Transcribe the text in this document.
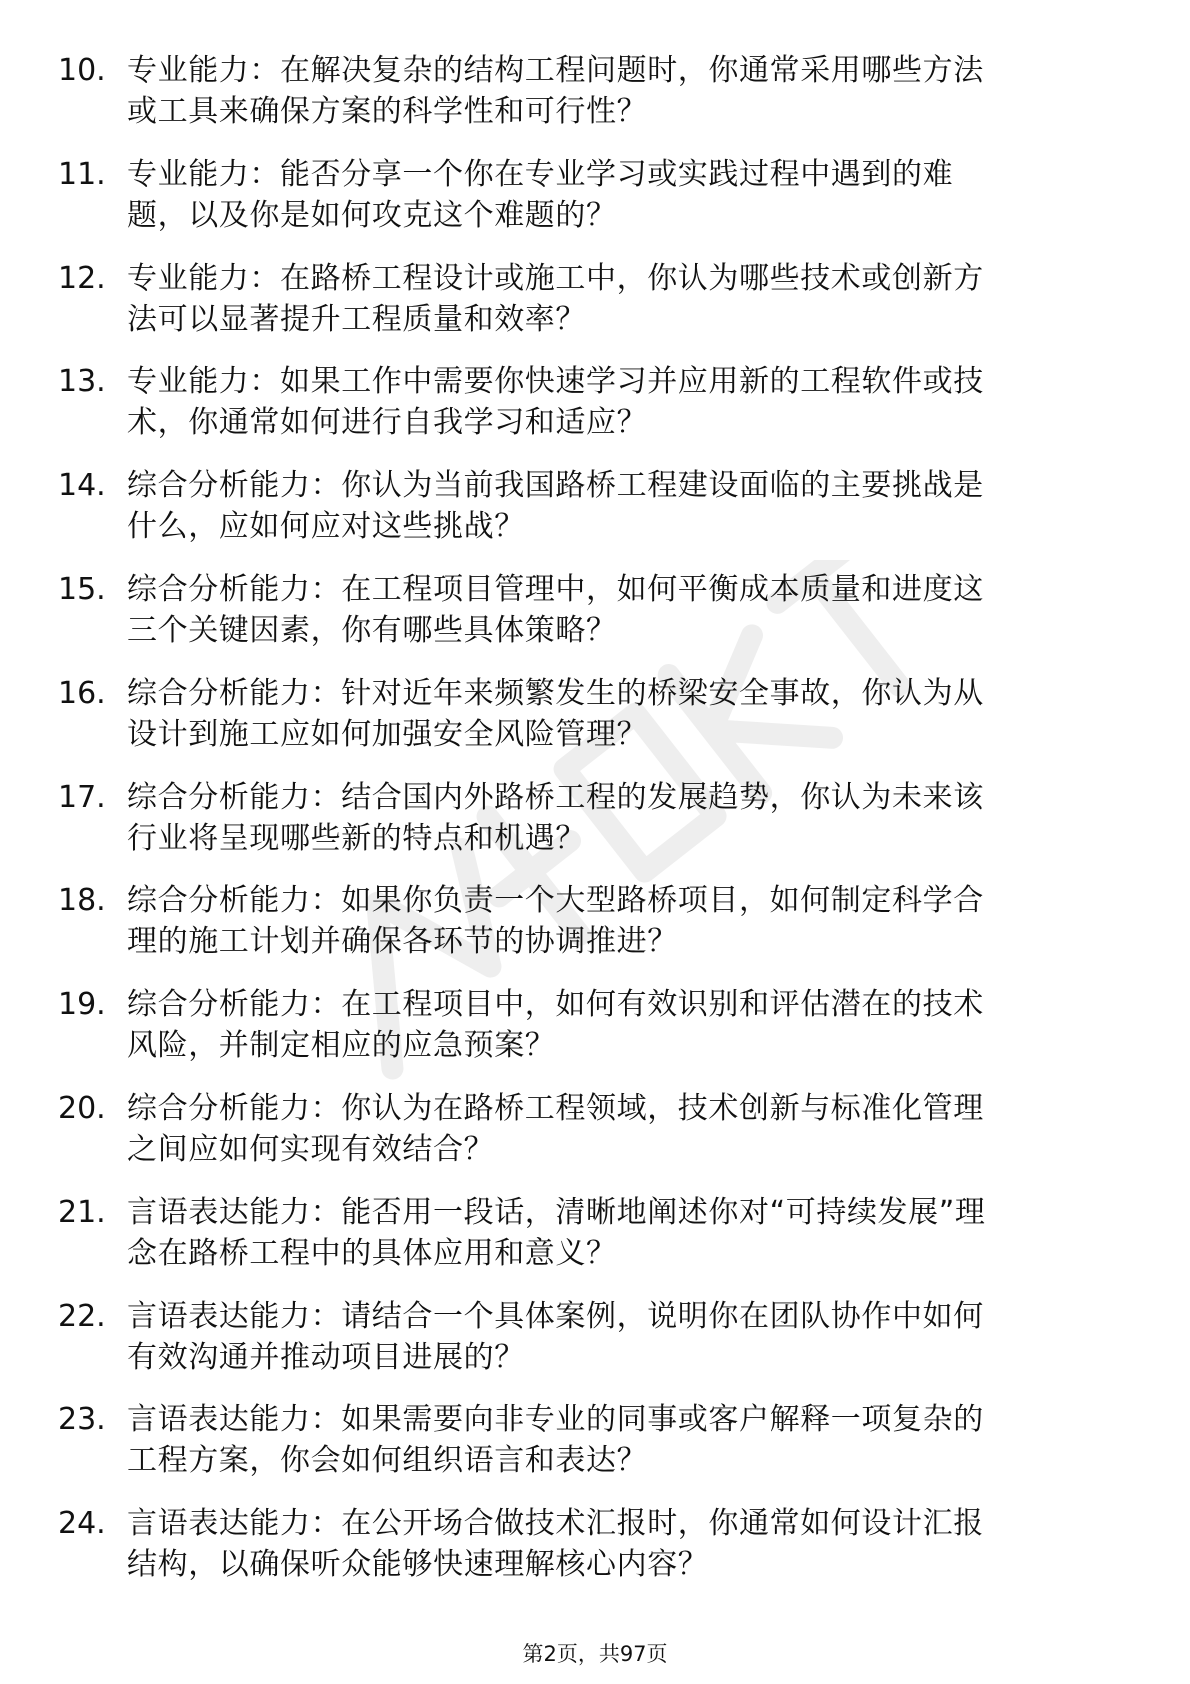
10. 专业能力：在解决复杂的结构工程问题时，你通常采用哪些方法
或工具来确保方案的科学性和可行性？
11. 专业能力：能否分享一个你在专业学习或实践过程中遇到的难
题，以及你是如何攻克这个难题的？
12. 专业能力：在路桥工程设计或施工中，你认为哪些技术或创新方
法可以显著提升工程质量和效率？
13. 专业能力：如果工作中需要你快速学习并应用新的工程软件或技
术，你通常如何进行自我学习和适应？
14. 综合分析能力：你认为当前我国路桥工程建设面临的主要挑战是
什么，应如何应对这些挑战？
15. 综合分析能力：在工程项目管理中，如何平衡成本质量和进度这
三个关键因素，你有哪些具体策略？
16. 综合分析能力：针对近年来频繁发生的桥梁安全事故，你认为从
设计到施工应如何加强安全风险管理？
17. 综合分析能力：结合国内外路桥工程的发展趋势，你认为未来该
行业将呈现哪些新的特点和机遇？
18. 综合分析能力：如果你负责一个大型路桥项目，如何制定科学合
理的施工计划并确保各环节的协调推进？
19. 综合分析能力：在工程项目中，如何有效识别和评估潜在的技术
风险，并制定相应的应急预案？
20. 综合分析能力：你认为在路桥工程领域，技术创新与标准化管理
之间应如何实现有效结合？
21. 言语表达能力：能否用一段话，清晰地阐述你对“可持续发展”理
念在路桥工程中的具体应用和意义？
22. 言语表达能力：请结合一个具体案例，说明你在团队协作中如何
有效沟通并推动项目进展的？
23. 言语表达能力：如果需要向非专业的同事或客户解释一项复杂的
工程方案，你会如何组织语言和表达？
24. 言语表达能力：在公开场合做技术汇报时，你通常如何设计汇报
结构，以确保听众能够快速理解核心内容？
第2页，共97页
